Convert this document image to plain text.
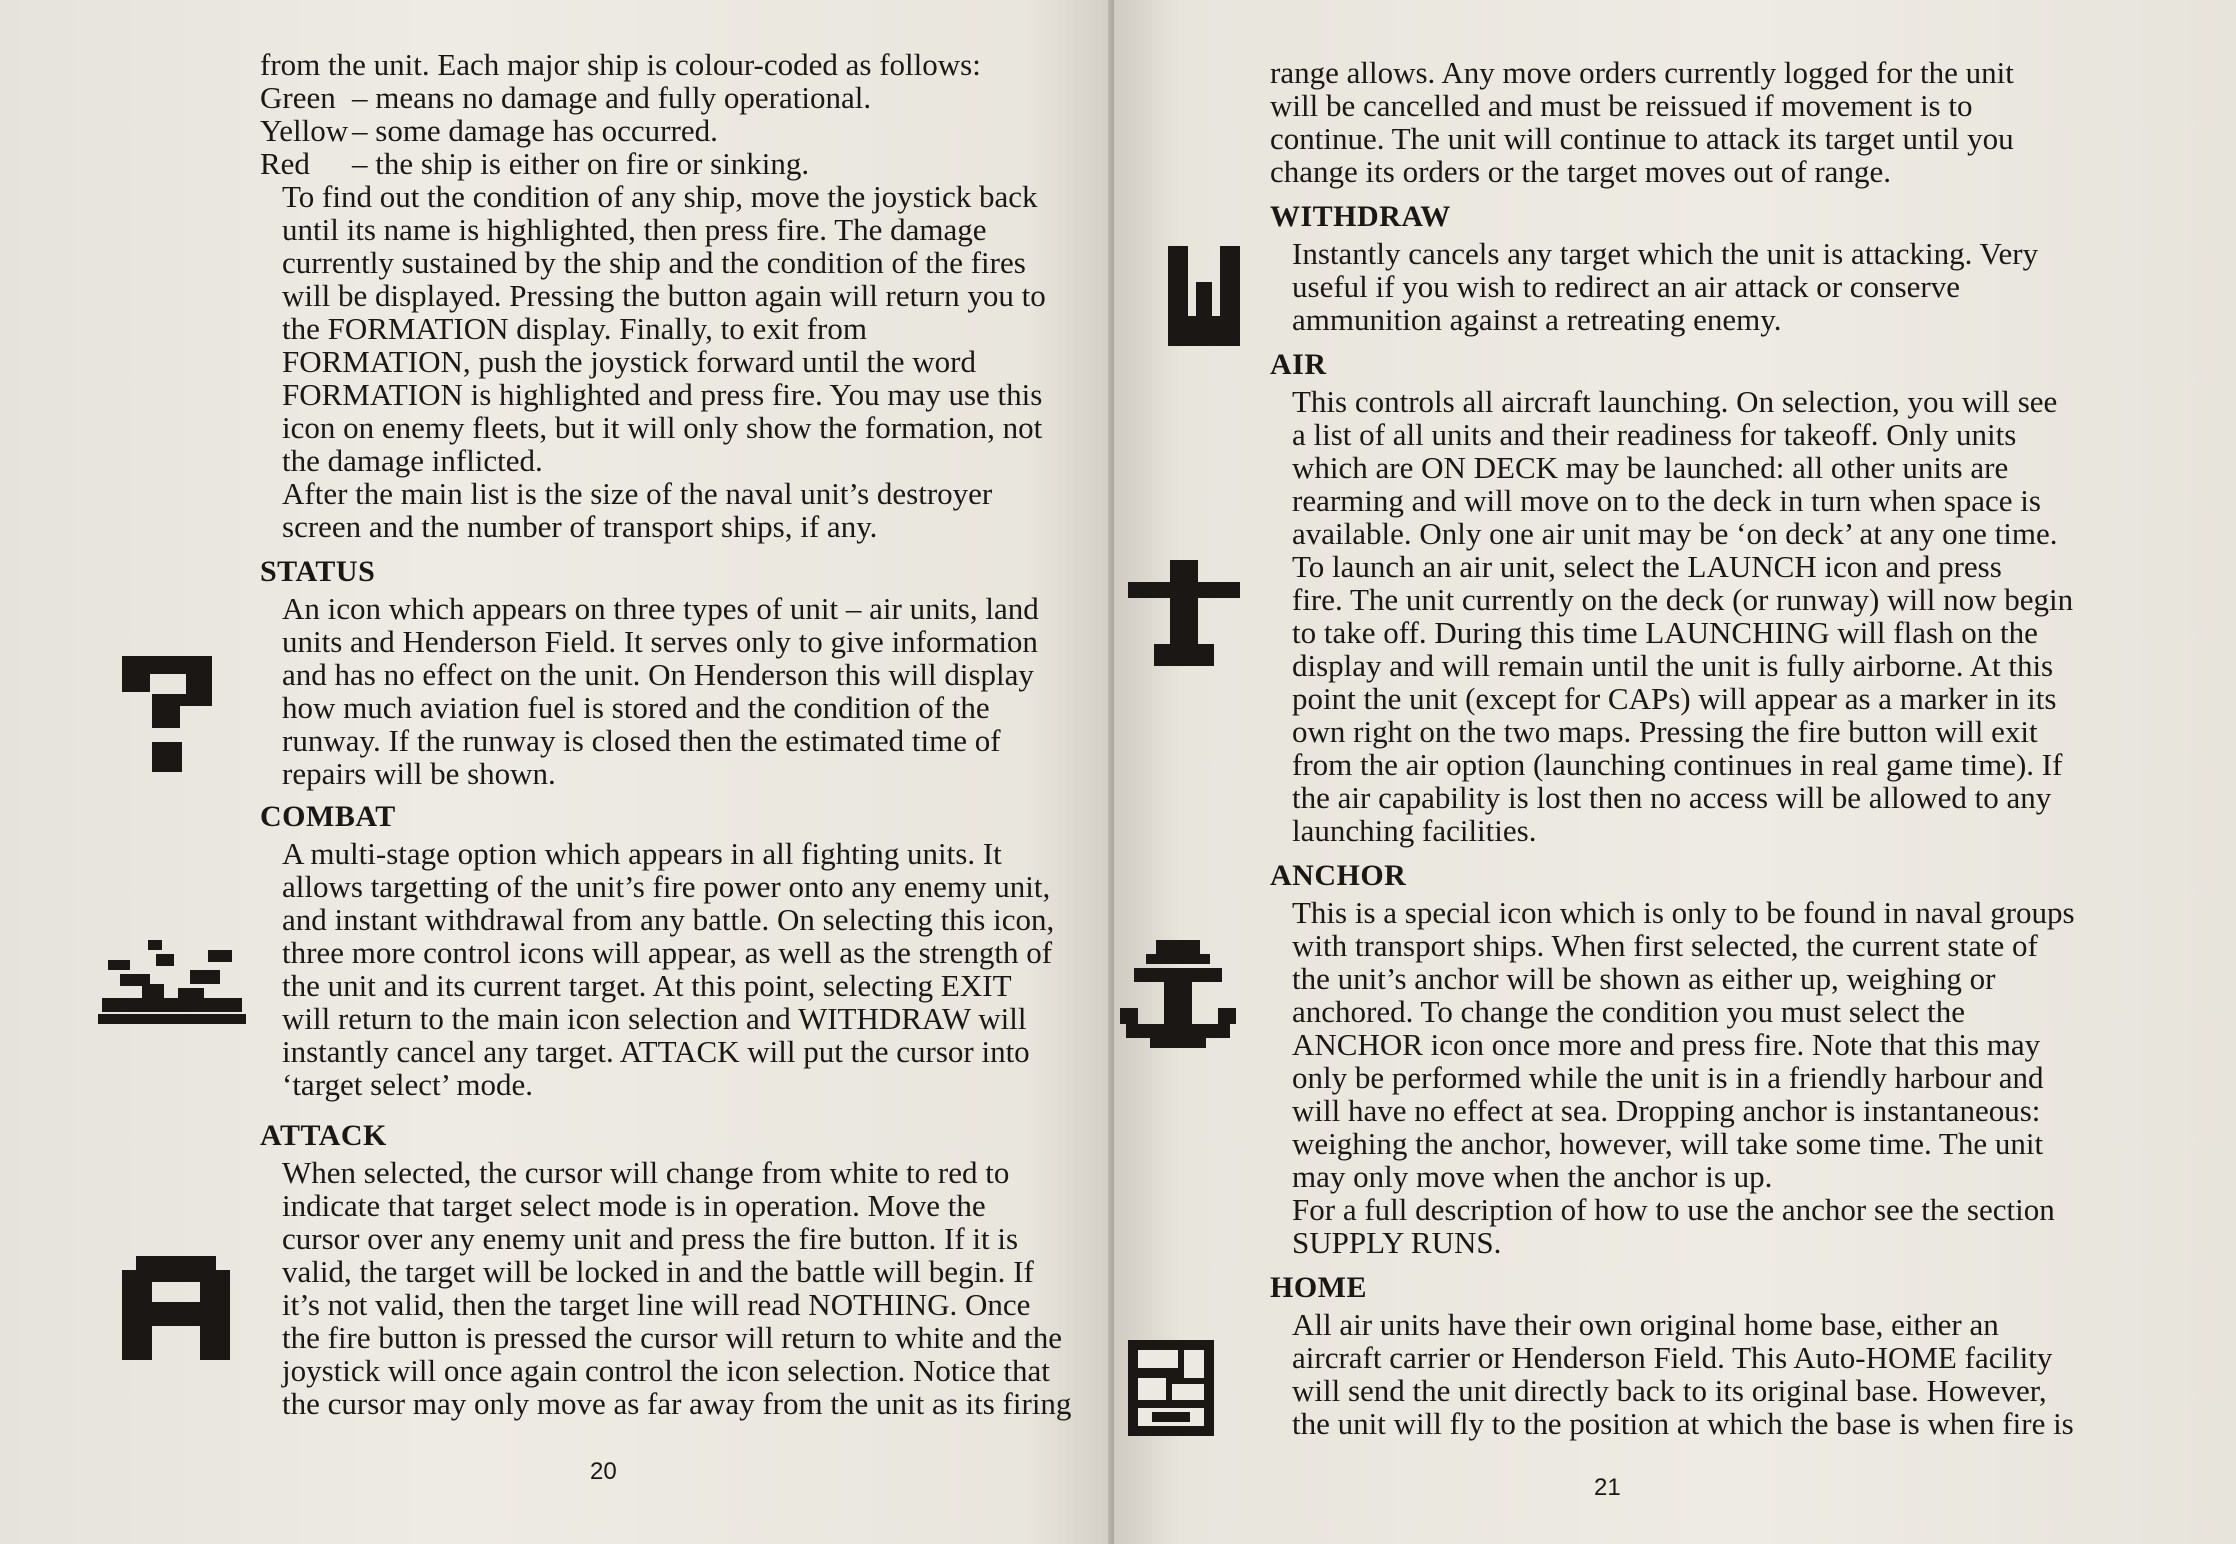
from the unit. Each major ship is colour-coded as follows:

Green – means no damage and fully operational.
Yellow – some damage has occurred.
Red – the ship is either on fire or sinking.

To find out the condition of any ship, move the joystick back
until its name is highlighted, then press fire. The damage
currently sustained by the ship and the condition of the fires
will be displayed. Pressing the button again will return you to
the FORMATION display. Finally, to exit from
FORMATION, push the joystick forward until the word
FORMATION is highlighted and press fire. You may use this
icon on enemy fleets, but it will only show the formation, not
the damage inflicted.

After the main list is the size of the naval unit’s destroyer
screen and the number of transport ships, if any.

STATUS

An icon which appears on three types of unit – air units, land
units and Henderson Field. It serves only to give information
and has no effect on the unit. On Henderson this will display
how much aviation fuel is stored and the condition of the
runway. If the runway is closed then the estimated time of
repairs will be shown.

COMBAT

A multi-stage option which appears in all fighting units. It
allows targetting of the unit’s fire power onto any enemy unit,
and instant withdrawal from any battle. On selecting this icon,
three more control icons will appear, as well as the strength of
the unit and its current target. At this point, selecting EXIT
will return to the main icon selection and WITHDRAW will
instantly cancel any target. ATTACK will put the cursor into
‘target select’ mode.

ATTACK

When selected, the cursor will change from white to red to
indicate that target select mode is in operation. Move the
cursor over any enemy unit and press the fire button. If it is
valid, the target will be locked in and the battle will begin. If
it’s not valid, then the target line will read NOTHING. Once
the fire button is pressed the cursor will return to white and the
joystick will once again control the icon selection. Notice that
the cursor may only move as far away from the unit as its firing

20

range allows. Any move orders currently logged for the unit
will be cancelled and must be reissued if movement is to
continue. The unit will continue to attack its target until you
change its orders or the target moves out of range.

WITHDRAW

Instantly cancels any target which the unit is attacking. Very
useful if you wish to redirect an air attack or conserve
ammunition against a retreating enemy.

AIR

This controls all aircraft launching. On selection, you will see
a list of all units and their readiness for takeoff. Only units
which are ON DECK may be launched: all other units are
rearming and will move on to the deck in turn when space is
available. Only one air unit may be ‘on deck’ at any one time.

To launch an air unit, select the LAUNCH icon and press
fire. The unit currently on the deck (or runway) will now begin
to take off. During this time LAUNCHING will flash on the
display and will remain until the unit is fully airborne. At this
point the unit (except for CAPs) will appear as a marker in its
own right on the two maps. Pressing the fire button will exit
from the air option (launching continues in real game time). If
the air capability is lost then no access will be allowed to any
launching facilities.

ANCHOR

This is a special icon which is only to be found in naval groups
with transport ships. When first selected, the current state of
the unit’s anchor will be shown as either up, weighing or
anchored. To change the condition you must select the
ANCHOR icon once more and press fire. Note that this may
only be performed while the unit is in a friendly harbour and
will have no effect at sea. Dropping anchor is instantaneous:
weighing the anchor, however, will take some time. The unit
may only move when the anchor is up.

For a full description of how to use the anchor see the section
SUPPLY RUNS.

HOME

All air units have their own original home base, either an
aircraft carrier or Henderson Field. This Auto-HOME facility
will send the unit directly back to its original base. However,
the unit will fly to the position at which the base is when fire is

21
